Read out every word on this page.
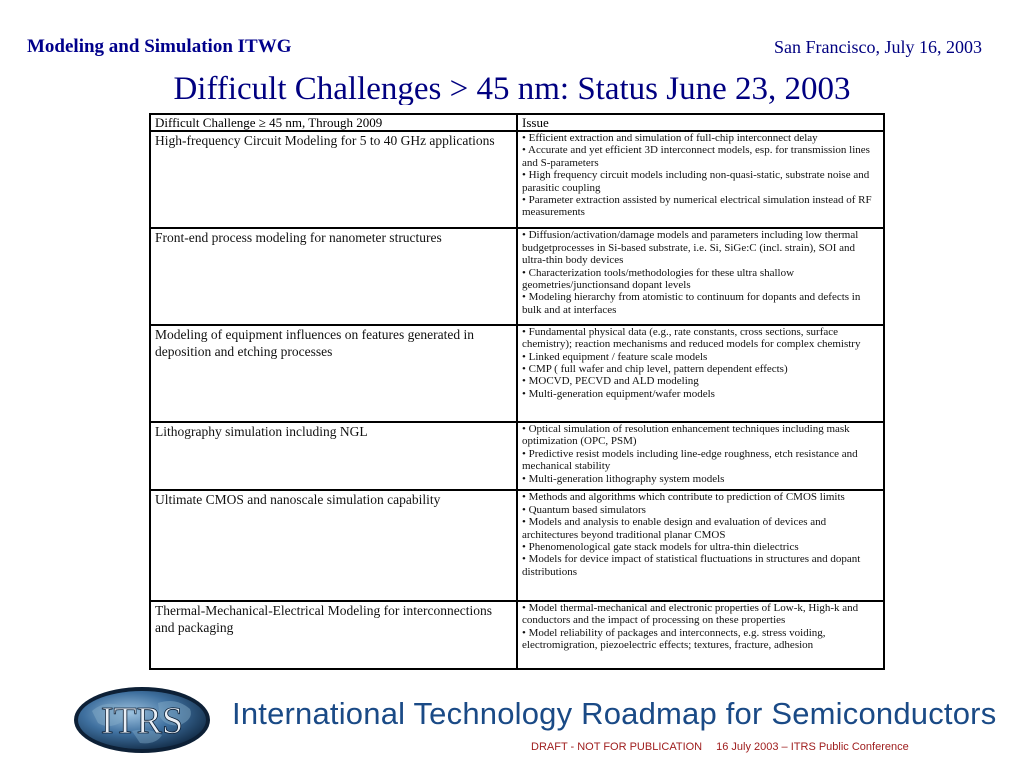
Modeling and Simulation ITWG	San Francisco, July 16, 2003
Difficult Challenges > 45 nm: Status June 23, 2003
Difficult Challenge ≥ 45 nm, Through 2009	Issue
High-frequency Circuit Modeling for 5 to 40 GHz applications	• Efficient extraction and simulation of full-chip interconnect delay
• Accurate and yet efficient 3D interconnect models, esp. for transmission lines and S-parameters
• High frequency circuit models including non-quasi-static, substrate noise and parasitic coupling
• Parameter extraction assisted by numerical electrical simulation instead of RF measurements

Front-end process modeling for nanometer structures	• Diffusion/activation/damage models and parameters including low thermal budgetprocesses in Si-based substrate, i.e. Si, SiGe:C (incl. strain), SOI and ultra-thin body devices
• Characterization tools/methodologies for these ultra shallow geometries/junctionsand dopant levels
• Modeling hierarchy from atomistic to continuum for dopants and defects in bulk and at interfaces

Modeling of equipment influences on features generated in deposition and etching processes	• Fundamental physical data (e.g., rate constants, cross sections, surface chemistry); reaction mechanisms and reduced models for complex chemistry
• Linked equipment / feature scale models
• CMP ( full wafer and chip level, pattern dependent effects)
• MOCVD, PECVD and ALD modeling
• Multi-generation equipment/wafer models

Lithography simulation including NGL	• Optical simulation of resolution enhancement techniques including mask optimization (OPC, PSM)
• Predictive resist models including line-edge roughness, etch resistance and mechanical stability
• Multi-generation lithography system models

Ultimate CMOS and nanoscale simulation capability	• Methods and algorithms which contribute to prediction of CMOS limits
• Quantum based simulators
• Models and analysis to enable design and evaluation of devices and architectures beyond traditional planar CMOS
• Phenomenological gate stack models for ultra-thin dielectrics
• Models for device impact of statistical fluctuations in structures and dopant distributions

Thermal-Mechanical-Electrical Modeling for interconnections and packaging	• Model thermal-mechanical and electronic properties of Low-k, High-k and conductors and the impact of processing on these properties
• Model reliability of packages and interconnects, e.g. stress voiding, electromigration, piezoelectric effects; textures, fracture, adhesion
ITRS International Technology Roadmap for Semiconductors
DRAFT - NOT FOR PUBLICATION 16 July 2003 – ITRS Public Conference
